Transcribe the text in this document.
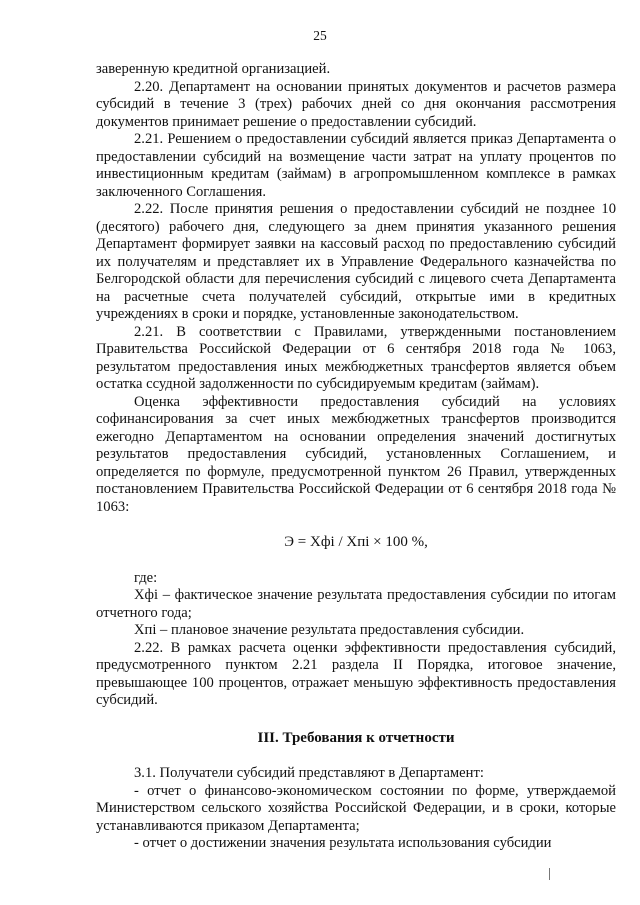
25

заверенную кредитной организацией.

2.20. Департамент на основании принятых документов и расчетов размера субсидий в течение 3 (трех) рабочих дней со дня окончания рассмотрения документов принимает решение о предоставлении субсидий.

2.21. Решением о предоставлении субсидий является приказ Департамента о предоставлении субсидий на возмещение части затрат на уплату процентов по инвестиционным кредитам (займам) в агропромышленном комплексе в рамках заключенного Соглашения.

2.22. После принятия решения о предоставлении субсидий не позднее 10 (десятого) рабочего дня, следующего за днем принятия указанного решения Департамент формирует заявки на кассовый расход по предоставлению субсидий их получателям и представляет их в Управление Федерального казначейства по Белгородской области для перечисления субсидий с лицевого счета Департамента на расчетные счета получателей субсидий, открытые ими в кредитных учреждениях в сроки и порядке, установленные законодательством.

2.21. В соответствии с Правилами, утвержденными постановлением Правительства Российской Федерации от 6 сентября 2018 года № 1063, результатом предоставления иных межбюджетных трансфертов является объем остатка ссудной задолженности по субсидируемым кредитам (займам).

Оценка эффективности предоставления субсидий на условиях софинансирования за счет иных межбюджетных трансфертов производится ежегодно Департаментом на основании определения значений достигнутых результатов предоставления субсидий, установленных Соглашением, и определяется по формуле, предусмотренной пунктом 26 Правил, утвержденных постановлением Правительства Российской Федерации от 6 сентября 2018 года № 1063:

Э = Хфi / Хпi × 100 %,

где:

Хфi – фактическое значение результата предоставления субсидии по итогам отчетного года;

Хпi – плановое значение результата предоставления субсидии.

2.22. В рамках расчета оценки эффективности предоставления субсидий, предусмотренного пунктом 2.21 раздела II Порядка, итоговое значение, превышающее 100 процентов, отражает меньшую эффективность предоставления субсидий.

III. Требования к отчетности

3.1. Получатели субсидий представляют в Департамент:

- отчет о финансово-экономическом состоянии по форме, утверждаемой Министерством сельского хозяйства Российской Федерации, и в сроки, которые устанавливаются приказом Департамента;

- отчет о достижении значения результата использования субсидии
